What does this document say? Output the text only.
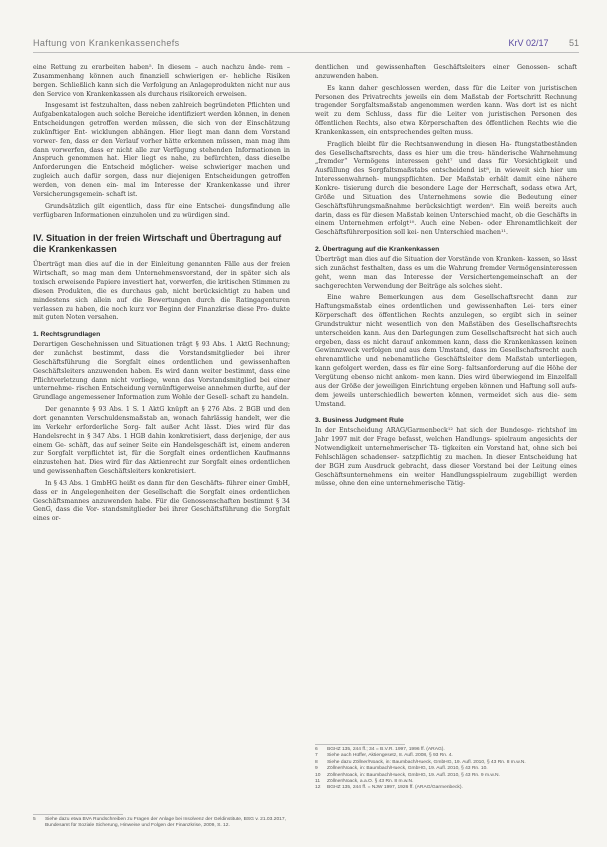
Haftung von Krankenkassenchefs	KrV 02/17 51

eine Rettung zu erarbeiten haben⁵. In diesem – auch nachzu ände- rem – Zusammenhang können auch finanziell schwierigen er- hebliche Risiken bergen. Schließlich kann sich die Verfolgung an Anlageprodukten nicht nur aus den Service von Krankenkassen als durchaus risikoreich erweisen.

Insgesamt ist festzuhalten, dass neben zahlreich begründeten Pflichten und Aufgabenkatalogen auch solche Bereiche identifiziert werden können, in denen Entscheidungen getroffen werden müssen, die sich von der Einschätzung zukünftiger Ent- wicklungen abhängen. Hier liegt man dann dem Vorstand vorwer- fen, dass er den Verlauf vorher hätte erkennen müssen, man mag ihm dann vorwerfen, dass er nicht alle zur Verfügung stehenden Informationen in Anspruch genommen hat. Hier liegt es nahe, zu befürchten, dass dieselbe Anforderungen die Entscheid möglicher- weise schwieriger machen und zugleich auch dafür sorgen, dass nur diejenigen Entscheidungen getroffen werden, von denen ein- mal im Interesse der Krankenkasse und ihrer Versicherungsgemein- schaft ist.

Grundsätzlich gilt eigentlich, dass für eine Entschei- dungsfindung alle verfügbaren Informationen einzuholen und zu würdigen sind.

IV. Situation in der freien Wirtschaft und Übertragung auf die Krankenkassen

Überträgt man dies auf die in der Einleitung genannten Fälle aus der freien Wirtschaft, so mag man dem Unternehmensvorstand, der in später sich als toxisch erweisende Papiere investiert hat, vorwerfen, die kritischen Stimmen zu diesen Produkten, die es durchaus gab, nicht berücksichtigt zu haben und mindestens sich allein auf die Bewertungen durch die Ratingagenturen verlassen zu haben, die noch kurz vor Beginn der Finanzkrise diese Pro- dukte mit guten Noten versahen.

1. Rechtsgrundlagen

Derartigen Geschehnissen und Situationen trägt § 93 Abs. 1 AktG Rechnung; der zunächst bestimmt, dass die Vorstandsmitglieder bei ihrer Geschäftsführung die Sorgfalt eines ordentlichen und gewissenhaften Geschäftsleiters anzuwenden haben. Es wird dann weiter bestimmt, dass eine Pflichtverletzung dann nicht vorliege, wenn das Vorstandsmitglied bei einer unternehme- rischen Entscheidung vernünftigerweise annehmen durfte, auf der Grundlage angemessener Information zum Wohle der Gesell- schaft zu handeln.

Der genannte § 93 Abs. 1 S. 1 AktG knüpft an § 276 Abs. 2 BGB und den dort genannten Verschuldensmaßstab an, wonach fahrlässig handelt, wer die im Verkehr erforderliche Sorg- falt außer Acht lässt. Dies wird für das Handelsrecht in § 347 Abs. 1 HGB dahin konkretisiert, dass derjenige, der aus einem Ge- schäft, das auf seiner Seite ein Handelsgeschäft ist, einem anderen zur Sorgfalt verpflichtet ist, für die Sorgfalt eines ordentlichen Kaufmanns einzustehen hat. Dies wird für das Aktienrecht zur Sorgfalt eines ordentlichen und gewissenhaften Geschäftsleiters konkretisiert.

In § 43 Abs. 1 GmbHG heißt es dann für den Geschäfts- führer einer GmbH, dass er in Angelegenheiten der Gesellschaft die Sorgfalt eines ordentlichen Geschäftsmannes anzuwenden habe. Für die Genossenschaften bestimmt § 34 GenG, dass die Vor- standsmitglieder bei ihrer Geschäftsführung die Sorgfalt eines or-

dentlichen und gewissenhaften Geschäftsleiters einer Genossen- schaft anzuwenden haben.

Es kann daher geschlossen werden, dass für die Leiter von juristischen Personen des Privatrechts jeweils ein dem Maßstab der Fortschritt Rechnung tragender Sorgfaltsmaßstab angenommen werden kann. Was dort ist es nicht weit zu dem Schluss, dass für die Leiter von juristischen Personen des öffentlichen Rechts, also etwa Körperschaften des öffentlichen Rechts wie die Krankenkassen, ein entsprechendes gelten muss.

Fraglich bleibt für die Rechtsanwendung in diesen Ha- ftungstatbeständen des Gesellschaftsrechts, dass es hier um die treu- händerische Wahrnehmung „fremder“ Vermögens interessen geht⁷ und dass für Vorsichtigkeit und Ausfüllung des Sorgfaltsmaßstabs entscheidend ist⁸, in wieweit sich hier um Interessenwahrneh- mungspflichten. Der Maßstab erhält damit eine nähere Konkre- tisierung durch die besondere Lage der Herrschaft, sodass etwa Art, Größe und Situation des Unternehmens sowie die Bedeutung einer Geschäftsführungsmaßnahme berücksichtigt werden⁹. Ein weiß bereits auch darin, dass es für diesen Maßstab keinen Unterschied macht, ob die Geschäfts in einem Unternehmen erfolgt¹⁰. Auch eine Neben- oder Ehrenamtlichkeit der Geschäftsführerposition soll kei- nen Unterschied machen¹¹.

2. Übertragung auf die Krankenkassen

Überträgt man dies auf die Situation der Vorstände von Kranken- kassen, so lässt sich zunächst festhalten, dass es um die Wahrung fremder Vermögensinteressen geht, wenn man das Interesse der Versichertengemeinschaft an der sachgerechten Verwendung der Beiträge als solches sieht.

Eine wahre Bemerkungen aus dem Gesellschaftsrecht dann zur Haftungsmaßstab eines ordentlichen und gewissenhaften Lei- ters einer Körperschaft des öffentlichen Rechts anzulegen, so ergibt sich in seiner Grundstruktur nicht wesentlich von den Maßstäben des Gesellschaftsrechts unterscheiden kann. Aus den Darlegungen zum Gesellschaftsrecht hat sich auch ergeben, dass es nicht darauf ankommen kann, dass die Krankenkassen keinen Gewinnzweck verfolgen und aus dem Umstand, dass im Gesellschaftsrecht auch ehrenamtliche und nebenamtliche Geschäftsleiter dem Maßstab unterliegen, kann gefolgert werden, dass es für eine Sorg- faltsanforderung auf die Höhe der Vergütung ebenso nicht ankom- men kann. Dies wird überwiegend im Einzelfall aus der Größe der jeweiligen Einrichtung ergeben können und Haftung soll aufs- dem jeweils unterschiedlich bewerten können, vermeidet sich aus die- sem Umstand.

3. Business Judgment Rule

In der Entscheidung ARAG/Garmenbeck¹² hat sich der Bundesge- richtshof im Jahr 1997 mit der Frage befasst, welchen Handlungs- spielraum angesichts der Notwendigkeit unternehmerischer Tä- tigkeiten ein Vorstand hat, ohne sich bei Fehlschlägen schadenser- satzpflichtig zu machen. In dieser Entscheidung hat der BGH zum Ausdruck gebracht, dass dieser Vorstand bei der Leitung eines Geschäftsunternehmens ein weiter Handlungsspielraum zugebilligt werden müsse, ohne den eine unternehmerische Tätig-

5	Siehe dazu etwa BVA Rundschreiben zu Fragen der Anlage bei Insolvenz der Geldinstitute, BSG v. 21.03.2017, Bundesamt für Soziale Sicherung, Hinweise und Folgen der Finanzkrise, 2009, S. 12.
6	BGHZ 135, 244 ff.; 34 = B.V.R. 1997, 1996 ff. (ARAG).
7	Siehe auch Hüffer, Aktiengesetz, 8. Aufl. 2008, § 93 Rn. 4.
8	Siehe dazu Zöllner/Noack, in: Baumbach/Hueck, GmbHG, 19. Aufl. 2010, § 43 Rn. 8 m.w.N.
9	Zöllner/Noack, in: Baumbach/Hueck, GmbHG, 19. Aufl. 2010, § 43 Rn. 10.
10	Zöllner/Noack, in: Baumbach/Hueck, GmbHG, 19. Aufl. 2010, § 43 Rn. 9 m.w.N.
11	Zöllner/Noack, a.a.O. § 43 Rn. 8 m.w.N.
12	BGHZ 135, 244 ff. = NJW 1997, 1926 ff. (ARAG/Garmenbeck).
